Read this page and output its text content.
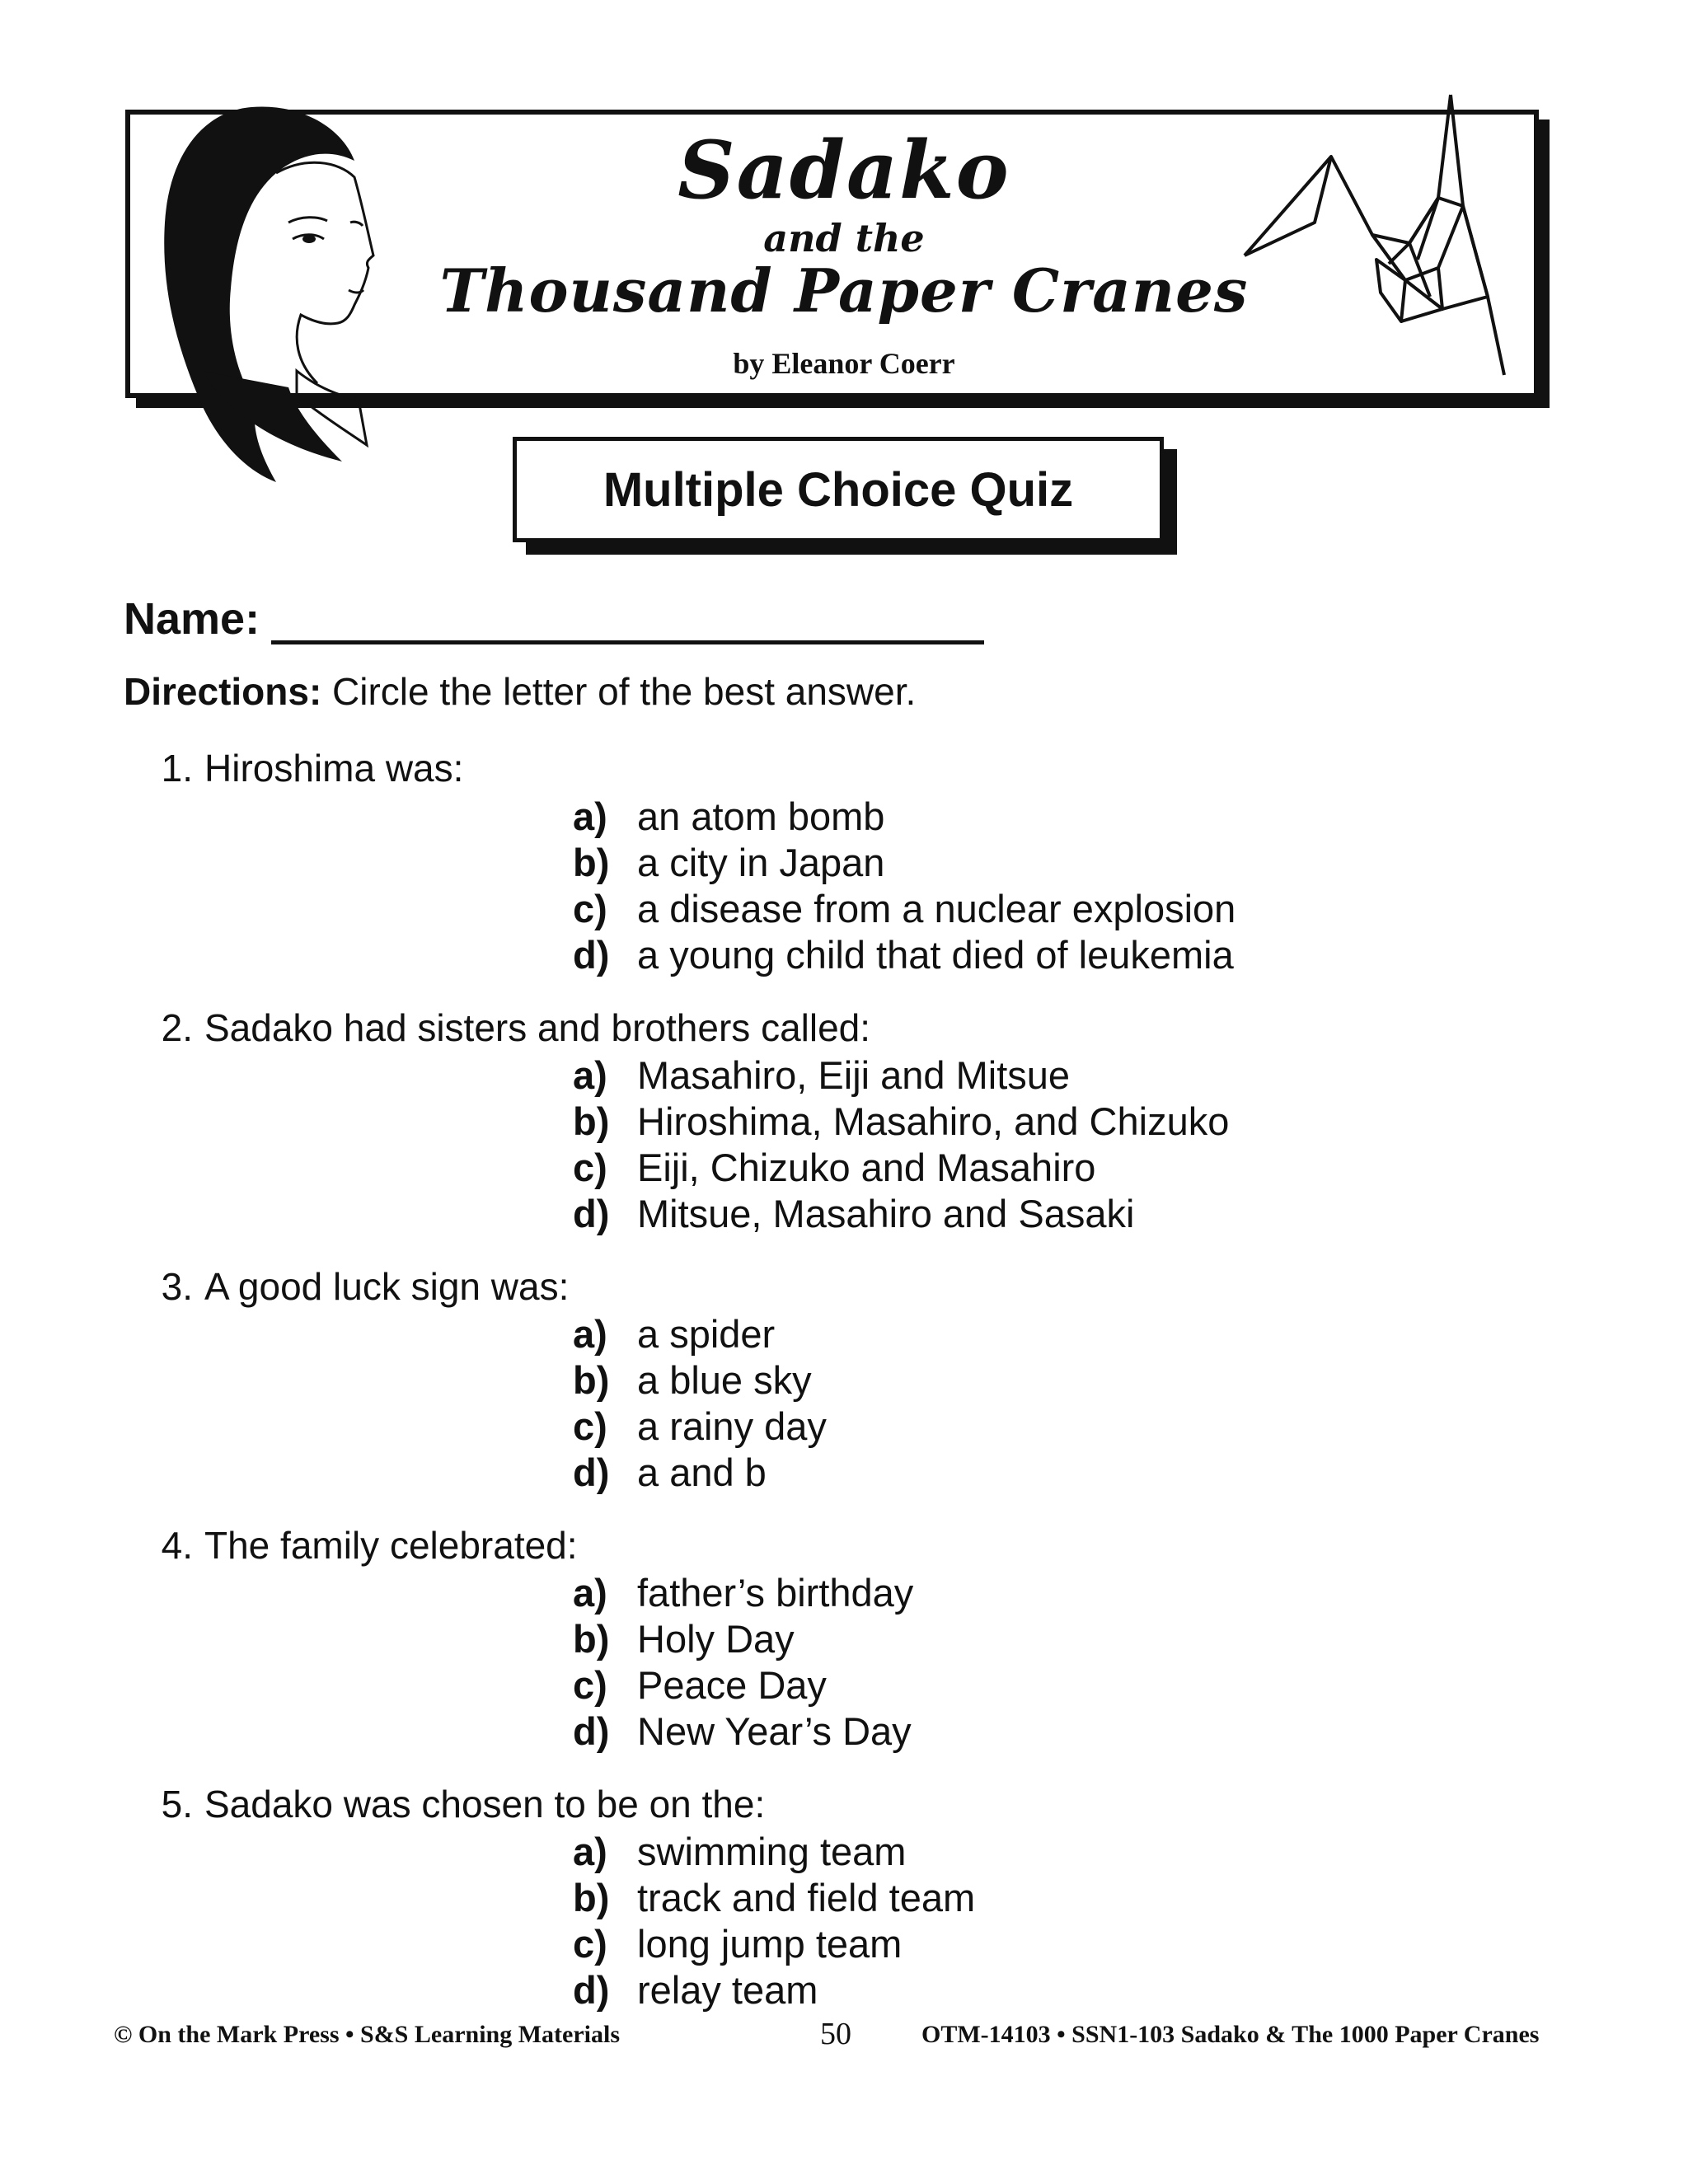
Sadako
and the
Thousand Paper Cranes
by Eleanor Coerr
Multiple Choice Quiz
Name:
Directions: Circle the letter of the best answer.
1. Hiroshima was:
a) an atom bomb
b) a city in Japan
c) a disease from a nuclear explosion
d) a young child that died of leukemia
2. Sadako had sisters and brothers called:
a) Masahiro, Eiji and Mitsue
b) Hiroshima, Masahiro, and Chizuko
c) Eiji, Chizuko and Masahiro
d) Mitsue, Masahiro and Sasaki
3. A good luck sign was:
a) a spider
b) a blue sky
c) a rainy day
d) a and b
4. The family celebrated:
a) father’s birthday
b) Holy Day
c) Peace Day
d) New Year’s Day
5. Sadako was chosen to be on the:
a) swimming team
b) track and field team
c) long jump team
d) relay team
© On the Mark Press • S&S Learning Materials	50	OTM-14103 • SSN1-103 Sadako & The 1000 Paper Cranes
